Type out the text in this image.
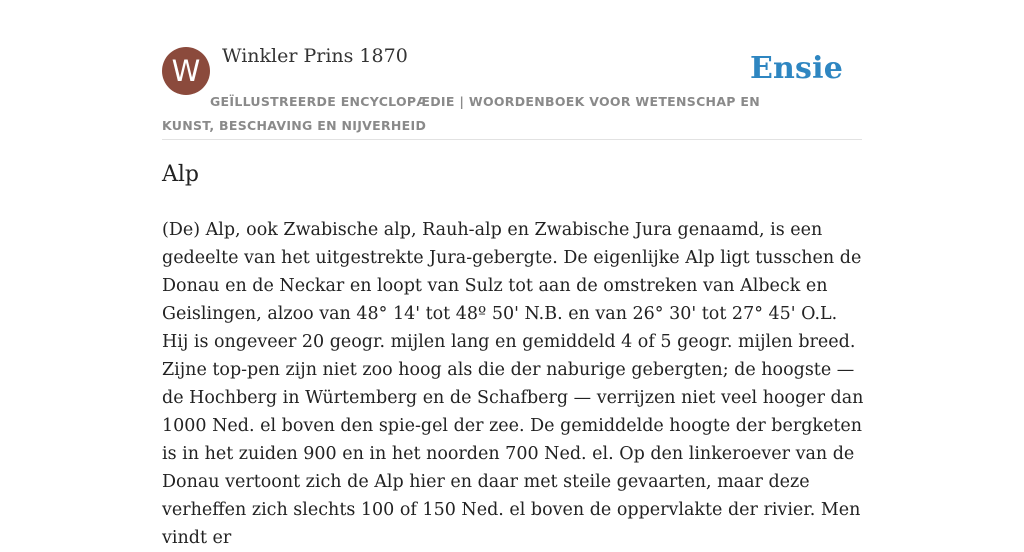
W	Winkler Prins 1870	Ensie
GEÏLLUSTREERDE ENCYCLOPÆDIE | WOORDENBOEK VOOR WETENSCHAP EN KUNST, BESCHAVING EN NIJVERHEID
Alp

(De) Alp, ook Zwabische alp, Rauh-alp en Zwabische Jura genaamd, is een gedeelte van het uitgestrekte Jura-gebergte. De eigenlijke Alp ligt tusschen de Donau en de Neckar en loopt van Sulz tot aan de omstreken van Albeck en Geislingen, alzoo van 48° 14' tot 48º 50' N.B. en van 26° 30' tot 27° 45' O.L. Hij is ongeveer 20 geogr. mijlen lang en gemiddeld 4 of 5 geogr. mijlen breed. Zijne top-pen zijn niet zoo hoog als die der naburige gebergten; de hoogste — de Hochberg in Würtemberg en de Schafberg — verrijzen niet veel hooger dan 1000 Ned. el boven den spie-gel der zee. De gemiddelde hoogte der bergketen is in het zuiden 900 en in het noorden 700 Ned. el. Op den linkeroever van de Donau vertoont zich de Alp hier en daar met steile gevaarten, maar deze verheffen zich slechts 100 of 150 Ned. el boven de oppervlakte der rivier. Men vindt er
